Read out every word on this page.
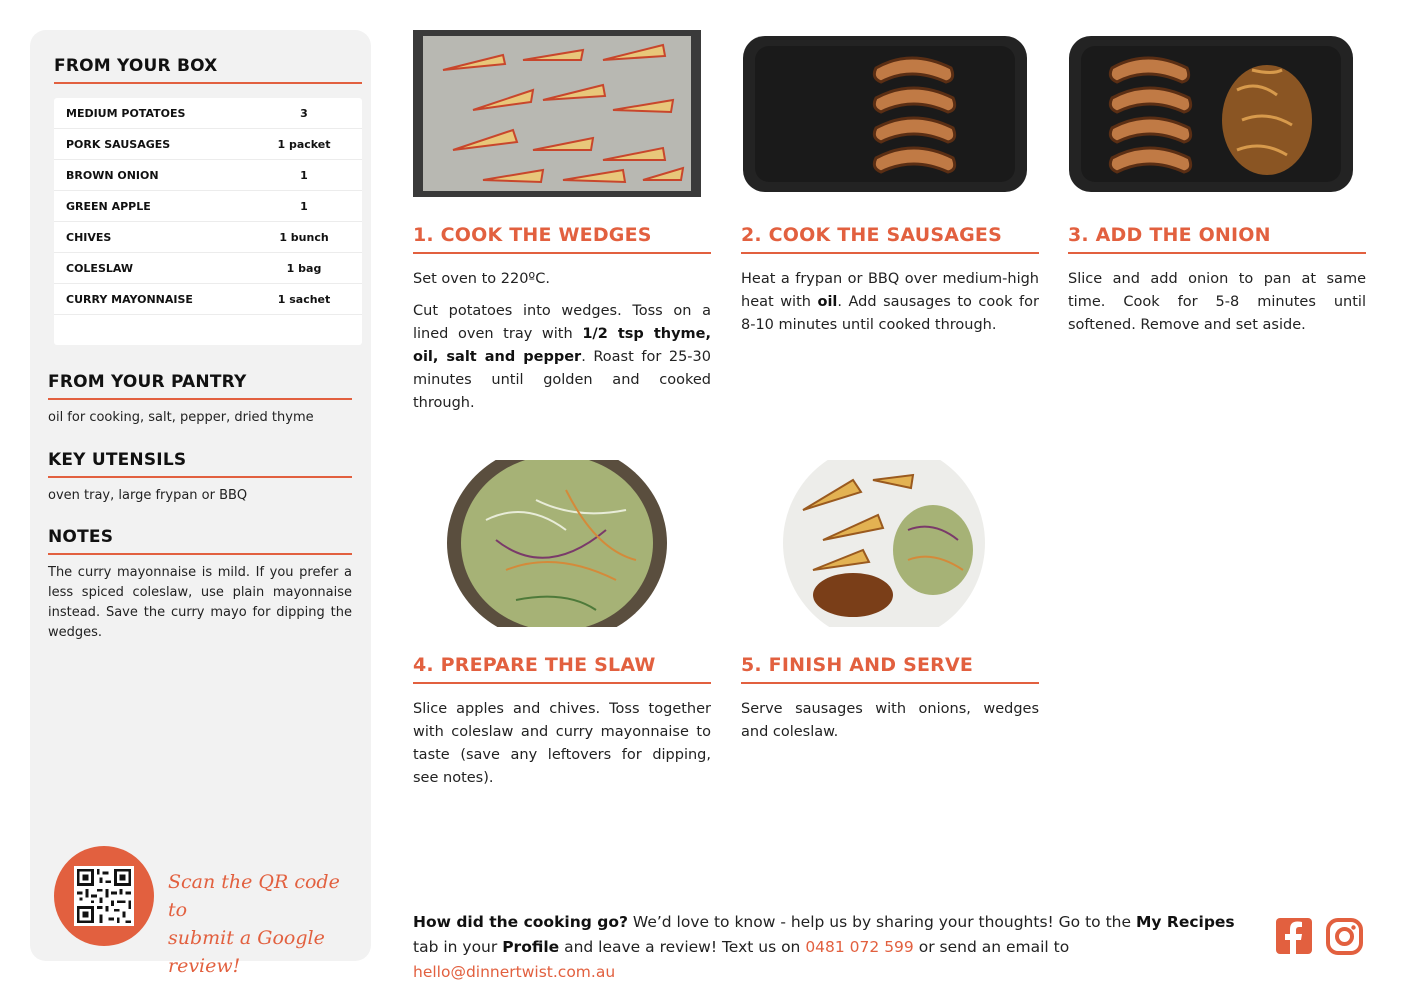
FROM YOUR BOX
MEDIUM POTATOES	3
PORK SAUSAGES	1 packet
BROWN ONION	1
GREEN APPLE	1
CHIVES	1 bunch
COLESLAW	1 bag
CURRY MAYONNAISE	1 sachet
FROM YOUR PANTRY
oil for cooking, salt, pepper, dried thyme
KEY UTENSILS
oven tray, large frypan or BBQ
NOTES
The curry mayonnaise is mild. If you prefer a less spiced coleslaw, use plain mayonnaise instead. Save the curry mayo for dipping the wedges.
Scan the QR code to
submit a Google review!
1. COOK THE WEDGES

Set oven to 220ºC.

Cut potatoes into wedges. Toss on a lined oven tray with 1/2 tsp thyme, oil, salt and pepper. Roast for 25-30 minutes until golden and cooked through.

2. COOK THE SAUSAGES

Heat a frypan or BBQ over medium-high heat with oil. Add sausages to cook for 8-10 minutes until cooked through.

3. ADD THE ONION

Slice and add onion to pan at same time. Cook for 5-8 minutes until softened. Remove and set aside.

4. PREPARE THE SLAW

Slice apples and chives. Toss together with coleslaw and curry mayonnaise to taste (save any leftovers for dipping, see notes).

5. FINISH AND SERVE

Serve sausages with onions, wedges and coleslaw.

How did the cooking go? We’d love to know - help us by sharing your thoughts! Go to the My Recipes tab in your Profile and leave a review! Text us on 0481 072 599 or send an email to hello@dinnertwist.com.au
